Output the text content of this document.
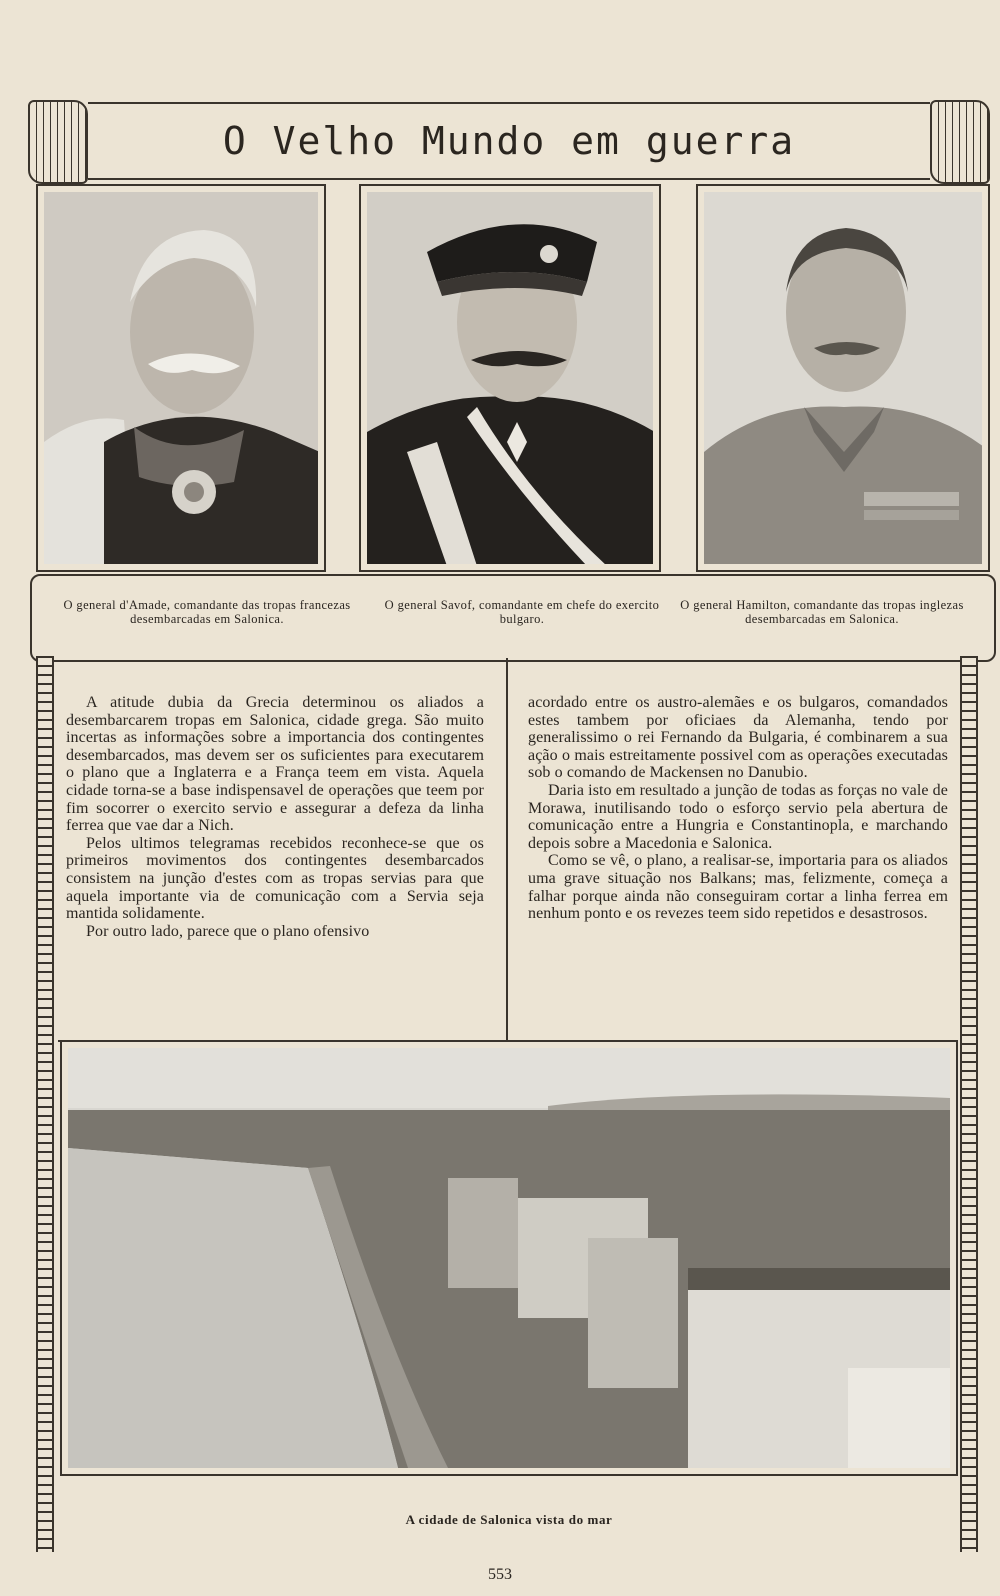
O Velho Mundo em guerra
O general d'Amade, comandante das tropas francezas desembarcadas em Salonica.
O general Savof, comandante em chefe do exercito bulgaro.
O general Hamilton, comandante das tropas inglezas desembarcadas em Salonica.

A atitude dubia da Grecia determinou os aliados a desembarcarem tropas em Salonica, cidade grega. São muito incertas as informações sobre a importancia dos contingentes desembarcados, mas devem ser os suficientes para executarem o plano que a Inglaterra e a França teem em vista. Aquela cidade torna-se a base indispensavel de operações que teem por fim socorrer o exercito servio e assegurar a defeza da linha ferrea que vae dar a Nich.

Pelos ultimos telegramas recebidos reconhece-se que os primeiros movimentos dos contingentes desembarcados consistem na junção d'estes com as tropas servias para que aquela importante via de comunicação com a Servia seja mantida solidamente.

Por outro lado, parece que o plano ofensivo

acordado entre os austro-alemães e os bulgaros, comandados estes tambem por oficiaes da Alemanha, tendo por generalissimo o rei Fernando da Bulgaria, é combinarem a sua ação o mais estreitamente possivel com as operações executadas sob o comando de Mackensen no Danubio.

Daria isto em resultado a junção de todas as forças no vale de Morawa, inutilisando todo o esforço servio pela abertura de comunicação entre a Hungria e Constantinopla, e marchando depois sobre a Macedonia e Salonica.

Como se vê, o plano, a realisar-se, importaria para os aliados uma grave situação nos Balkans; mas, felizmente, começa a falhar porque ainda não conseguiram cortar a linha ferrea em nenhum ponto e os revezes teem sido repetidos e desastrosos.

A cidade de Salonica vista do mar
553
